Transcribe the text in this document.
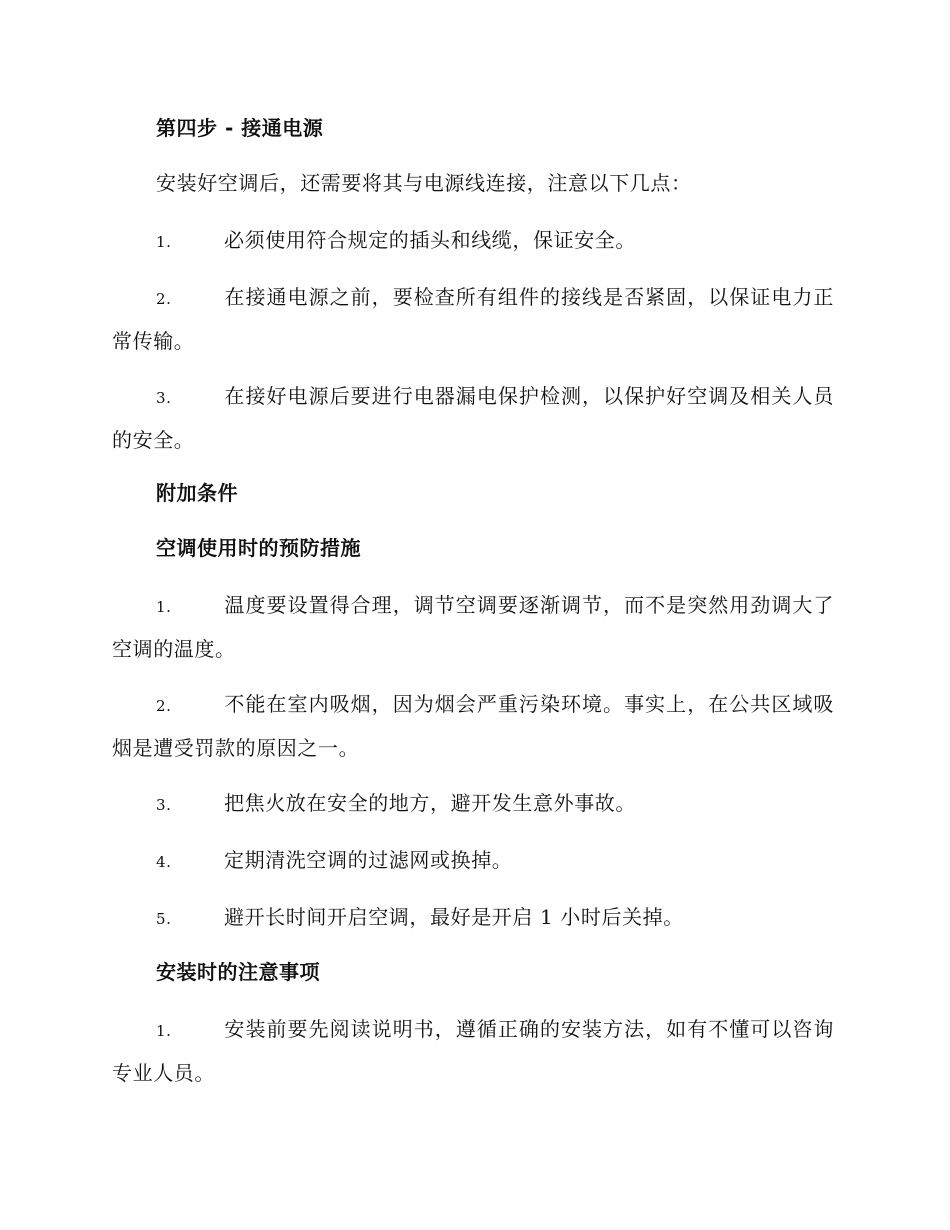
第四步 - 接通电源
安装好空调后，还需要将其与电源线连接，注意以下几点：
1.	必须使用符合规定的插头和线缆，保证安全。
2.	在接通电源之前，要检查所有组件的接线是否紧固，以保证电力正常传输。
3.	在接好电源后要进行电器漏电保护检测，以保护好空调及相关人员的安全。
附加条件
空调使用时的预防措施
1.	温度要设置得合理，调节空调要逐渐调节，而不是突然用劲调大了空调的温度。
2.	不能在室内吸烟，因为烟会严重污染环境。事实上，在公共区域吸烟是遭受罚款的原因之一。
3.	把焦火放在安全的地方，避开发生意外事故。
4.	定期清洗空调的过滤网或换掉。
5.	避开长时间开启空调，最好是开启 1 小时后关掉。
安装时的注意事项
1.	安装前要先阅读说明书，遵循正确的安装方法，如有不懂可以咨询专业人员。
